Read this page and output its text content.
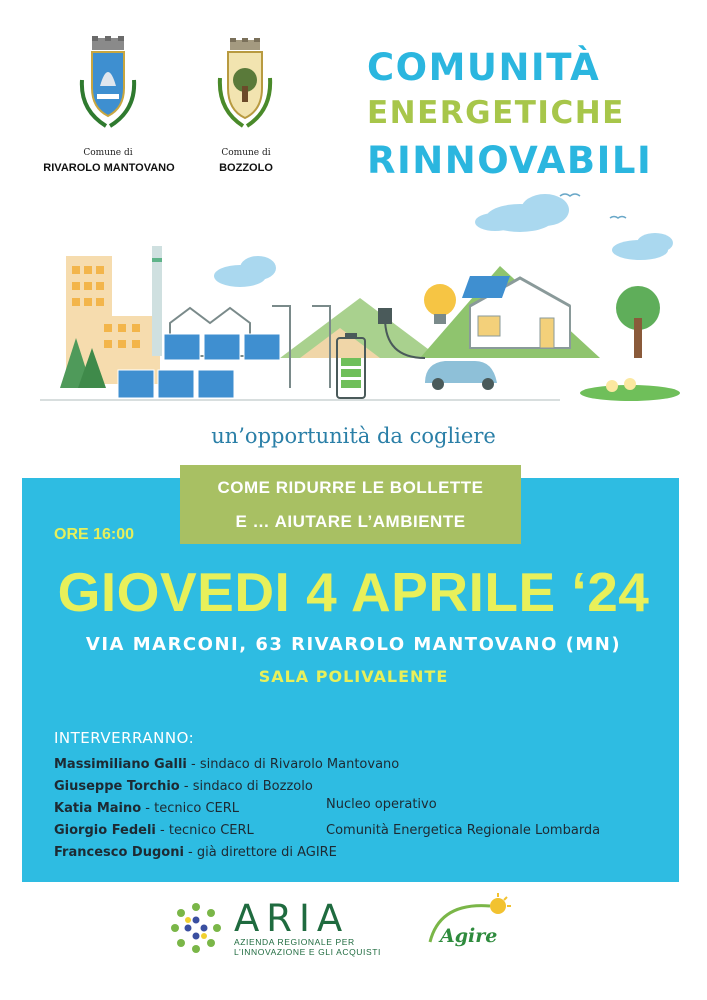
Comune di
RIVAROLO MANTOVANO
Comune di
BOZZOLO
COMUNITÀ
ENERGETICHE
RINNOVABILI
un’opportunità da cogliere
COME RIDURRE LE BOLLETTE
E … AIUTARE L’AMBIENTE
ORE 16:00
GIOVEDI 4 APRILE ‘24
VIA MARCONI, 63 RIVAROLO MANTOVANO (MN)
SALA POLIVALENTE
INTERVERRANNO:
Massimiliano Galli - sindaco di Rivarolo Mantovano
Giuseppe Torchio - sindaco di Bozzolo
Katia Maino - tecnico CERL
Giorgio Fedeli - tecnico CERL
Francesco Dugoni - già direttore di AGIRE
Nucleo operativo
Comunità Energetica Regionale Lombarda
ARIA
AZIENDA REGIONALE PER
L’INNOVAZIONE E GLI ACQUISTI
Agire
